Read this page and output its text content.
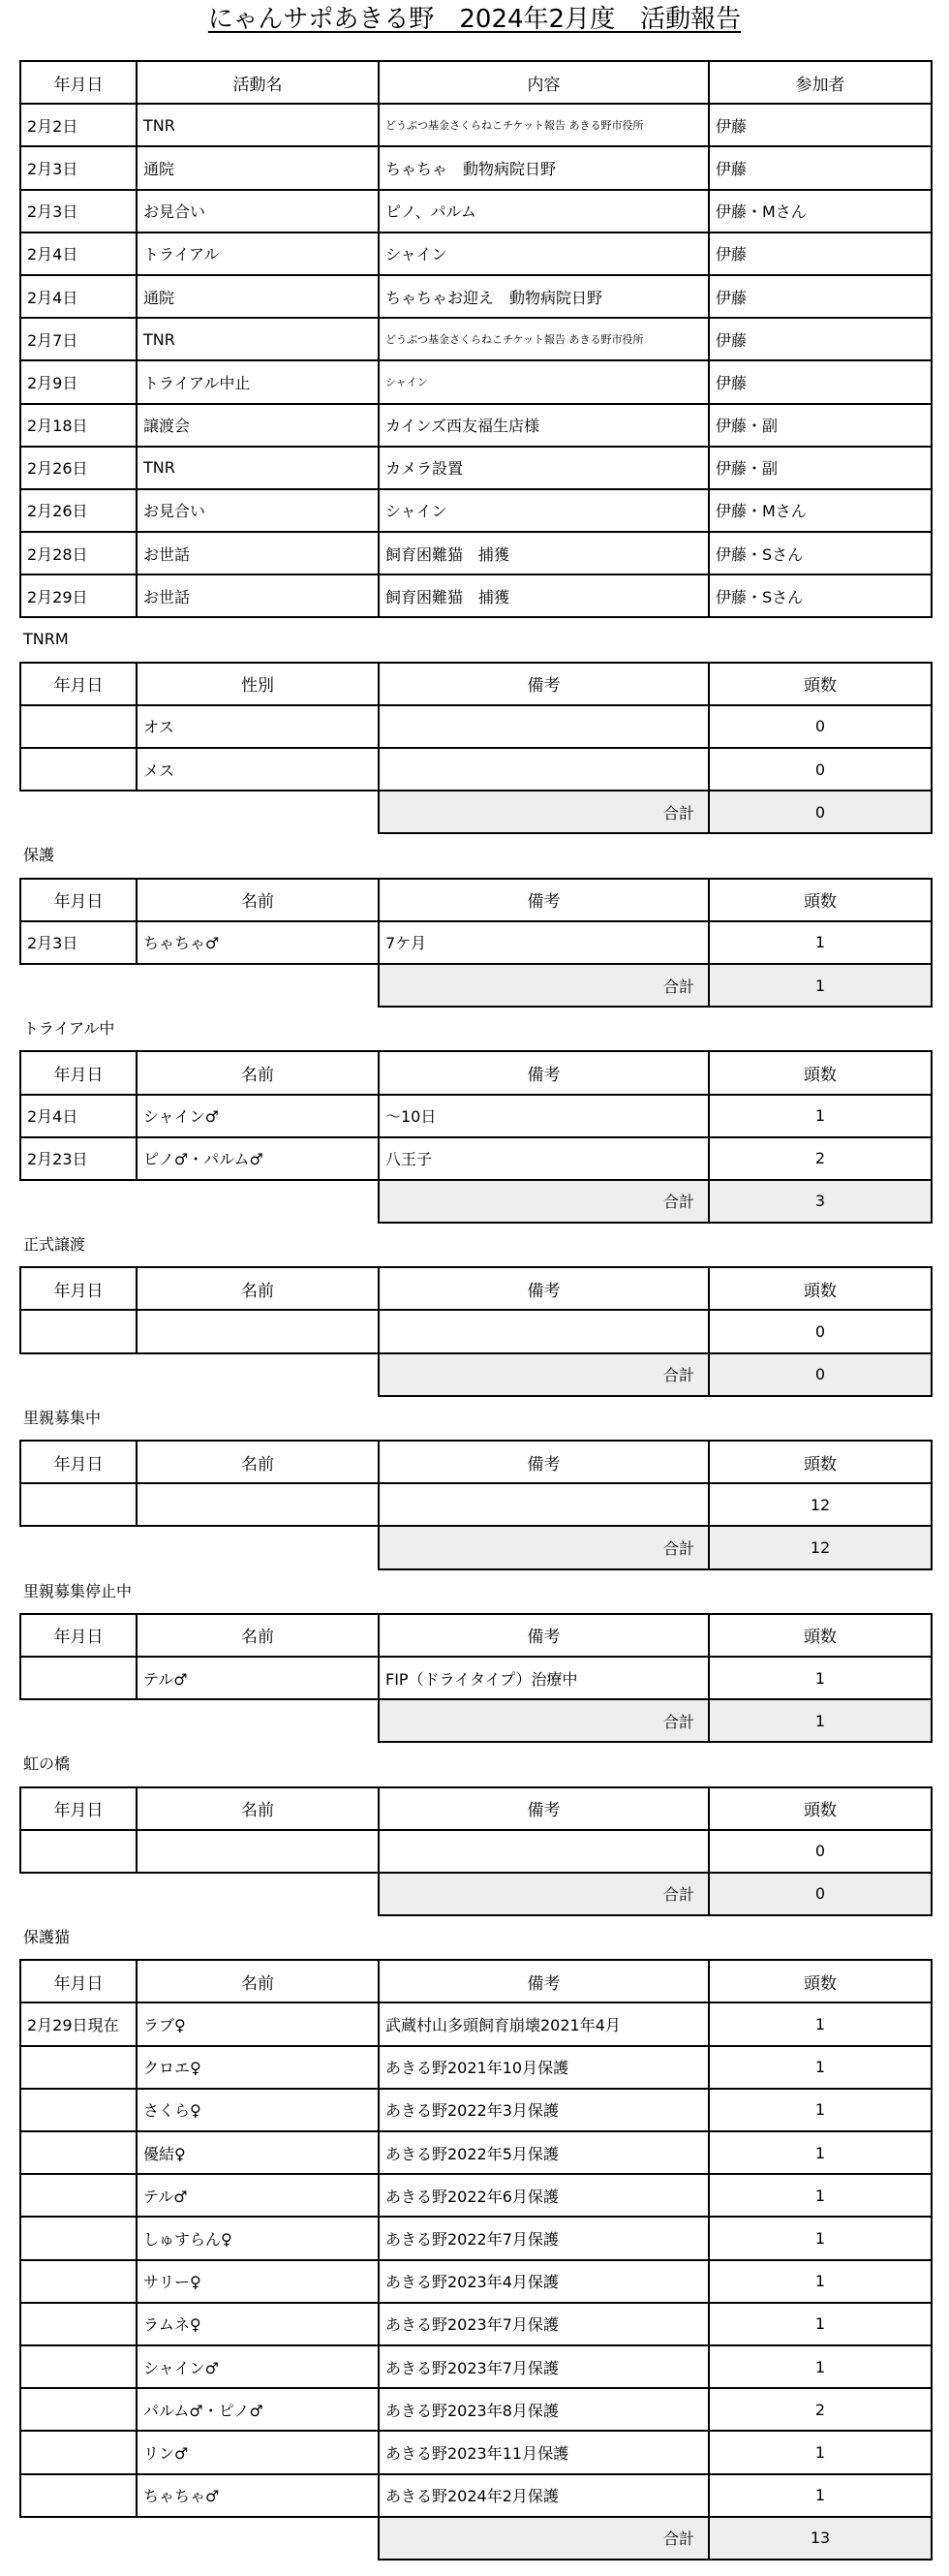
にゃんサポあきる野　2024年2月度　活動報告
年月日	活動名	内容	参加者
2月2日	TNR	どうぶつ基金さくらねこチケット報告 あきる野市役所	伊藤
2月3日	通院	ちゃちゃ　動物病院日野	伊藤
2月3日	お見合い	ピノ、パルム	伊藤・Mさん
2月4日	トライアル	シャイン	伊藤
2月4日	通院	ちゃちゃお迎え　動物病院日野	伊藤
2月7日	TNR	どうぶつ基金さくらねこチケット報告 あきる野市役所	伊藤
2月9日	トライアル中止	シャイン	伊藤
2月18日	譲渡会	カインズ西友福生店様	伊藤・副
2月26日	TNR	カメラ設置	伊藤・副
2月26日	お見合い	シャイン	伊藤・Mさん
2月28日	お世話	飼育困難猫　捕獲	伊藤・Sさん
2月29日	お世話	飼育困難猫　捕獲	伊藤・Sさん
TNRM
年月日	性別	備考	頭数
	オス		0
	メス		0
		合計	0
保護
年月日	名前	備考	頭数
2月3日	ちゃちゃ♂	7ケ月	1
		合計	1
トライアル中
年月日	名前	備考	頭数
2月4日	シャイン♂	～10日	1
2月23日	ピノ♂・パルム♂	八王子	2
		合計	3
正式譲渡
年月日	名前	備考	頭数
			0
		合計	0
里親募集中
年月日	名前	備考	頭数
			12
		合計	12
里親募集停止中
年月日	名前	備考	頭数
	テル♂	FIP（ドライタイプ）治療中	1
		合計	1
虹の橋
年月日	名前	備考	頭数
			0
		合計	0
保護猫
年月日	名前	備考	頭数
2月29日現在	ラブ♀	武蔵村山多頭飼育崩壊2021年4月	1
	クロエ♀	あきる野2021年10月保護	1
	さくら♀	あきる野2022年3月保護	1
	優結♀	あきる野2022年5月保護	1
	テル♂	あきる野2022年6月保護	1
	しゅすらん♀	あきる野2022年7月保護	1
	サリー♀	あきる野2023年4月保護	1
	ラムネ♀	あきる野2023年7月保護	1
	シャイン♂	あきる野2023年7月保護	1
	パルム♂・ピノ♂	あきる野2023年8月保護	2
	リン♂	あきる野2023年11月保護	1
	ちゃちゃ♂	あきる野2024年2月保護	1
		合計	13
